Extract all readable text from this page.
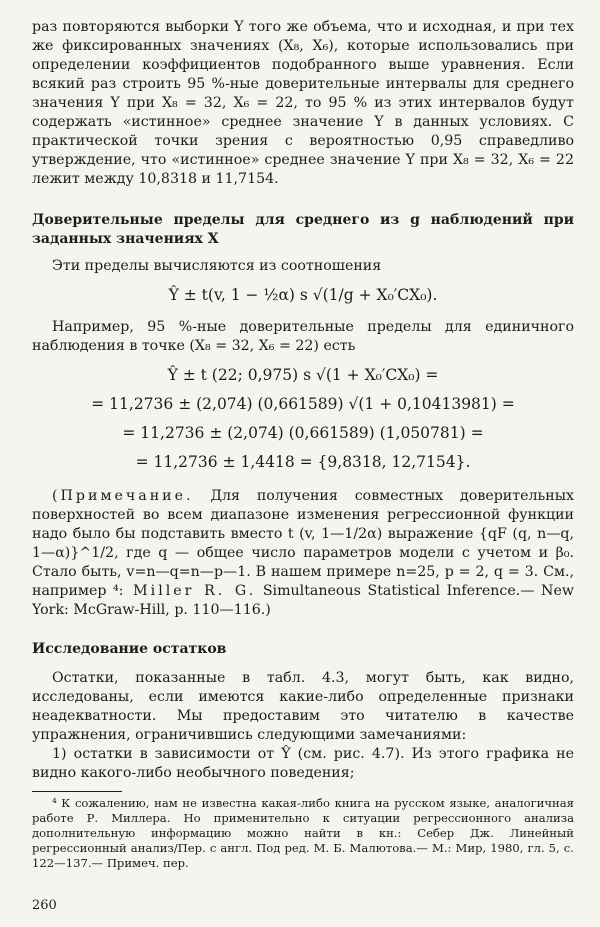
раз повторяются выборки Y того же объема, что и исходная, и при тех же фиксированных значениях (X₈, X₆), которые использовались при определении коэффициентов подобранного выше уравнения. Если всякий раз строить 95 %-ные доверительные интервалы для среднего значения Y при X₈ = 32, X₆ = 22, то 95 % из этих интервалов будут содержать «истинное» среднее значение Y в данных условиях. С практической точки зрения с вероятностью 0,95 справедливо утверждение, что «истинное» среднее значение Y при X₈ = 32, X₆ = 22 лежит между 10,8318 и 11,7154.

Доверительные пределы для среднего из g наблюдений при заданных значениях X

Эти пределы вычисляются из соотношения

Ŷ ± t(v, 1 − ½α) s √(1/g + X₀′CX₀).

Например, 95 %-ные доверительные пределы для единичного наблюдения в точке (X₈ = 32, X₆ = 22) есть

Ŷ ± t (22; 0,975) s √(1 + X₀′CX₀) =
= 11,2736 ± (2,074) (0,661589) √(1 + 0,10413981) =
= 11,2736 ± (2,074) (0,661589) (1,050781) =
= 11,2736 ± 1,4418 = {9,8318, 12,7154}.

(Примечание. Для получения совместных доверительных поверхностей во всем диапазоне изменения регрессионной функции надо было бы подставить вместо t (v, 1—1/2α) выражение {qF (q, n—q, 1—α)}^1/2, где q — общее число параметров модели с учетом и β₀. Стало быть, v=n—q=n—p—1. В нашем примере n=25, p = 2, q = 3. См., например ⁴: Miller R. G. Simultaneous Statistical Inference.— New York: McGraw-Hill, p. 110—116.)

Исследование остатков

Остатки, показанные в табл. 4.3, могут быть, как видно, исследованы, если имеются какие-либо определенные признаки неадекватности. Мы предоставим это читателю в качестве упражнения, ограничившись следующими замечаниями:

1) остатки в зависимости от Ŷ (см. рис. 4.7). Из этого графика не видно какого-либо необычного поведения;

⁴ К сожалению, нам не известна какая-либо книга на русском языке, аналогичная работе Р. Миллера. Но применительно к ситуации регрессионного анализа дополнительную информацию можно найти в кн.: Себер Дж. Линейный регрессионный анализ/Пер. с англ. Под ред. М. Б. Малютова.— М.: Мир, 1980, гл. 5, с. 122—137.— Примеч. пер.

260
